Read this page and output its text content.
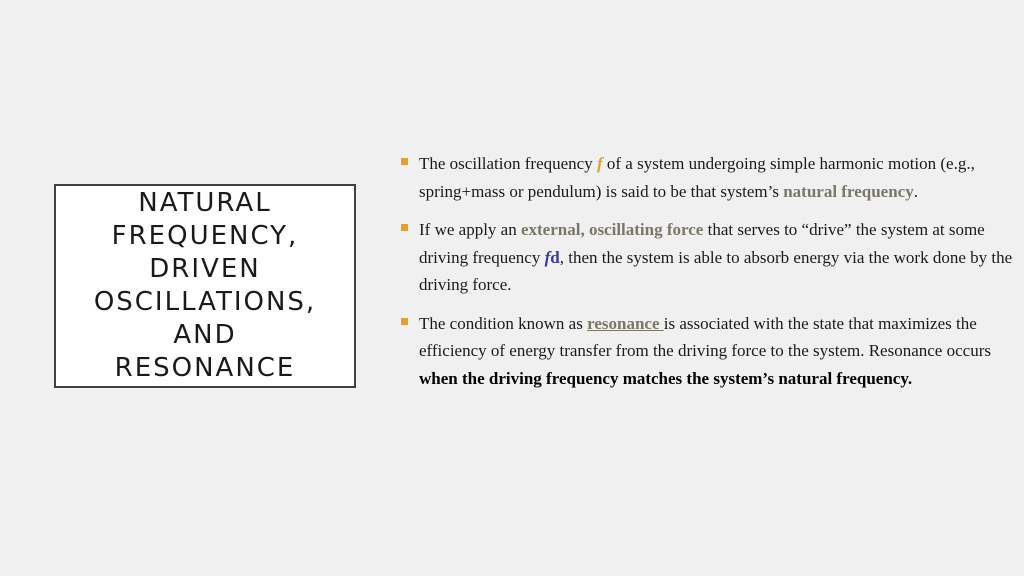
NATURAL
FREQUENCY,
DRIVEN
OSCILLATIONS,
AND
RESONANCE

The oscillation frequency f of a system undergoing simple harmonic motion (e.g., spring+mass or pendulum) is said to be that system’s natural frequency.

If we apply an external, oscillating force that serves to “drive” the system at some driving frequency fd, then the system is able to absorb energy via the work done by the driving force.

The condition known as resonance is associated with the state that maximizes the efficiency of energy transfer from the driving force to the system. Resonance occurs when the driving frequency matches the system’s natural frequency.
